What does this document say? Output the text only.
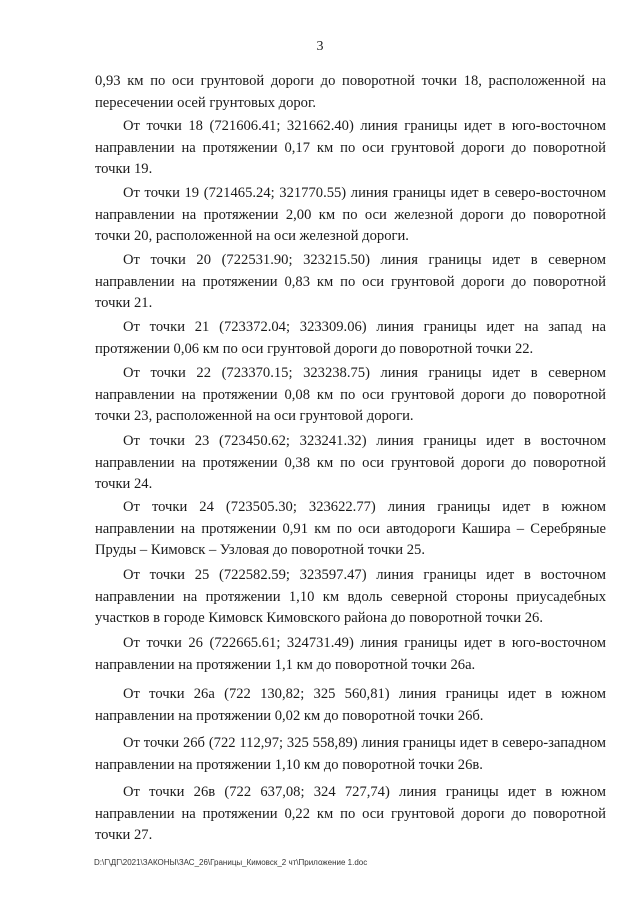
3

0,93 км по оси грунтовой дороги до поворотной точки 18, расположенной на пересечении осей грунтовых дорог.

От точки 18 (721606.41; 321662.40) линия границы идет в юго-восточном направлении на протяжении 0,17 км по оси грунтовой дороги до поворотной точки 19.

От точки 19 (721465.24; 321770.55) линия границы идет в северо-восточном направлении на протяжении 2,00 км по оси железной дороги до поворотной точки 20, расположенной на оси железной дороги.

От точки 20 (722531.90; 323215.50) линия границы идет в северном направлении на протяжении 0,83 км по оси грунтовой дороги до поворотной точки 21.

От точки 21 (723372.04; 323309.06) линия границы идет на запад на протяжении 0,06 км по оси грунтовой дороги до поворотной точки 22.

От точки 22 (723370.15; 323238.75) линия границы идет в северном направлении на протяжении 0,08 км по оси грунтовой дороги до поворотной точки 23, расположенной на оси грунтовой дороги.

От точки 23 (723450.62; 323241.32) линия границы идет в восточном направлении на протяжении 0,38 км по оси грунтовой дороги до поворотной точки 24.

От точки 24 (723505.30; 323622.77) линия границы идет в южном направлении на протяжении 0,91 км по оси автодороги Кашира – Серебряные Пруды – Кимовск – Узловая до поворотной точки 25.

От точки 25 (722582.59; 323597.47) линия границы идет в восточном направлении на протяжении 1,10 км вдоль северной стороны приусадебных участков в городе Кимовск Кимовского района до поворотной точки 26.

От точки 26 (722665.61; 324731.49) линия границы идет в юго-восточном направлении на протяжении 1,1 км до поворотной точки 26а.

От точки 26а (722 130,82; 325 560,81) линия границы идет в южном направлении на протяжении 0,02 км до поворотной точки 26б.

От точки 26б (722 112,97; 325 558,89) линия границы идет в северо-западном направлении на протяжении 1,10 км до поворотной точки 26в.

От точки 26в (722 637,08; 324 727,74) линия границы идет в южном направлении на протяжении 0,22 км по оси грунтовой дороги до поворотной точки 27.

D:\Г\ДГ\2021\ЗАКОНЫ\ЗАС_26\Границы_Кимовск_2 чт\Приложение 1.doc
